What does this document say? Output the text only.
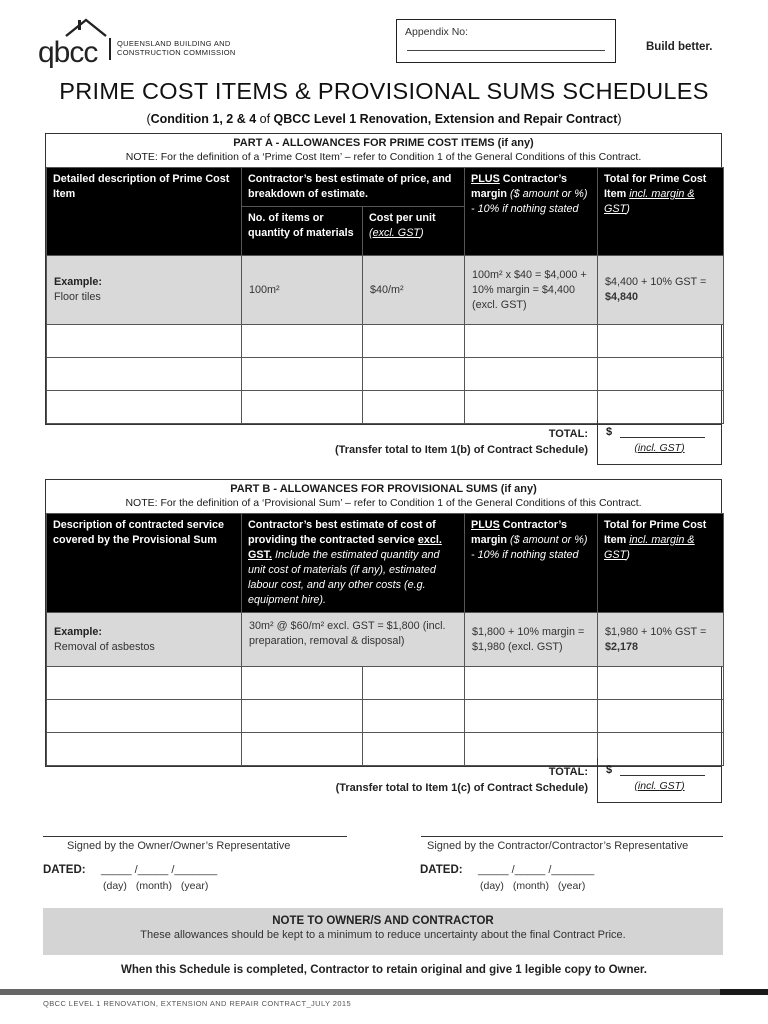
qbcc	QUEENSLAND BUILDING AND
CONSTRUCTION COMMISSION
Appendix No:
Build better.
PRIME COST ITEMS & PROVISIONAL SUMS SCHEDULES
(Condition 1, 2 & 4 of QBCC Level 1 Renovation, Extension and Repair Contract)
PART A - ALLOWANCES FOR PRIME COST ITEMS (if any)
NOTE: For the definition of a ‘Prime Cost Item’ – refer to Condition 1 of the General Conditions of this Contract.
Detailed description of Prime Cost Item	Contractor’s best estimate of price, and breakdown of estimate.		PLUS Contractor’s margin ($ amount or %) - 10% if nothing stated	Total for Prime Cost Item incl. margin & GST)
	No. of items or quantity of materials	Cost per unit
(excl. GST)		

Example:
Floor tiles	100m²	$40/m²	100m² x $40 = $4,000 + 10% margin = $4,400 (excl. GST)	$4,400 + 10% GST = $4,840

TOTAL:
(Transfer total to Item 1(b) of Contract Schedule)
$
(incl. GST)
PART B - ALLOWANCES FOR PROVISIONAL SUMS (if any)
NOTE: For the definition of a ‘Provisional Sum’ – refer to Condition 1 of the General Conditions of this Contract.
Description of contracted service covered by the Provisional Sum	Contractor’s best estimate of cost of providing the contracted service excl. GST. Include the estimated quantity and unit cost of materials (if any), estimated labour cost, and any other costs (e.g. equipment hire).		PLUS Contractor’s margin ($ amount or %) - 10% if nothing stated	Total for Prime Cost Item incl. margin & GST)

Example:
Removal of asbestos	30m² @ $60/m² excl. GST = $1,800 (incl. preparation, removal & disposal)		$1,800 + 10% margin = $1,980 (excl. GST)	$1,980 + 10% GST = $2,178

TOTAL:
(Transfer total to Item 1(c) of Contract Schedule)
$
(incl. GST)
Signed by the Owner/Owner’s Representative	Signed by the Contractor/Contractor’s Representative
DATED: _____ /_____ /_______
(day) (month) (year)
DATED: _____ /_____ /_______
(day) (month) (year)
NOTE TO OWNER/S AND CONTRACTOR
These allowances should be kept to a minimum to reduce uncertainty about the final Contract Price.
When this Schedule is completed, Contractor to retain original and give 1 legible copy to Owner.
QBCC LEVEL 1 RENOVATION, EXTENSION AND REPAIR CONTRACT_JULY 2015
